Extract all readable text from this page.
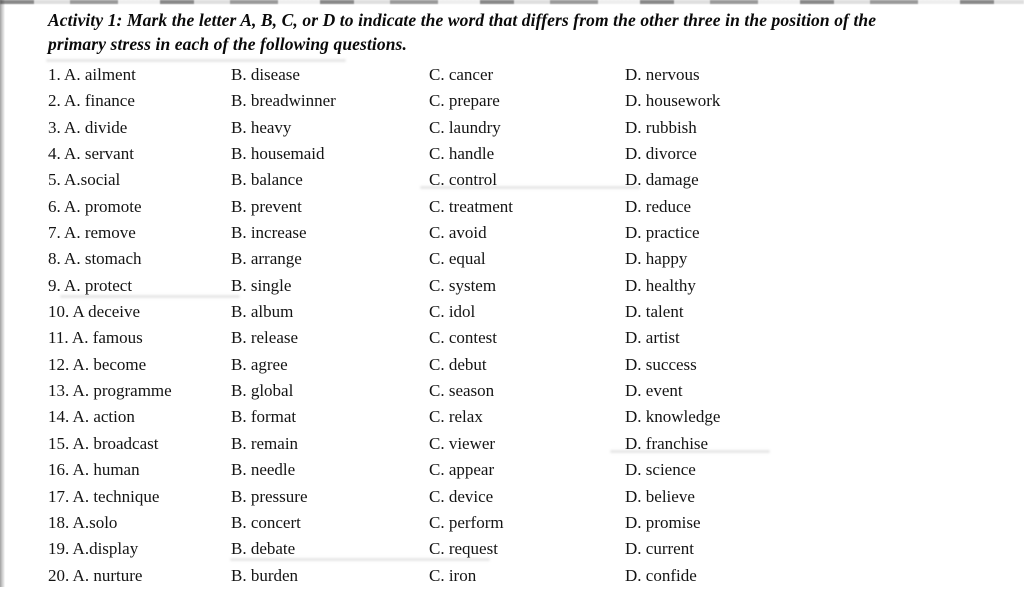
Activity 1: Mark the letter A, B, C, or D to indicate the word that differs from the other three in the position of the primary stress in each of the following questions.
1. A. ailment	B. disease	C. cancer	D. nervous
2. A. finance	B. breadwinner	C. prepare	D. housework
3. A. divide	B. heavy	C. laundry	D. rubbish
4. A. servant	B. housemaid	C. handle	D. divorce
5. A.social	B. balance	C. control	D. damage
6. A. promote	B. prevent	C. treatment	D. reduce
7. A. remove	B. increase	C. avoid	D. practice
8. A. stomach	B. arrange	C. equal	D. happy
9. A. protect	B. single	C. system	D. healthy
10. A deceive	B. album	C. idol	D. talent
11. A. famous	B. release	C. contest	D. artist
12. A. become	B. agree	C. debut	D. success
13. A. programme	B. global	C. season	D. event
14. A. action	B. format	C. relax	D. knowledge
15. A. broadcast	B. remain	C. viewer	D. franchise
16. A. human	B. needle	C. appear	D. science
17. A. technique	B. pressure	C. device	D. believe
18. A.solo	B. concert	C. perform	D. promise
19. A.display	B. debate	C. request	D. current
20. A. nurture	B. burden	C. iron	D. confide
